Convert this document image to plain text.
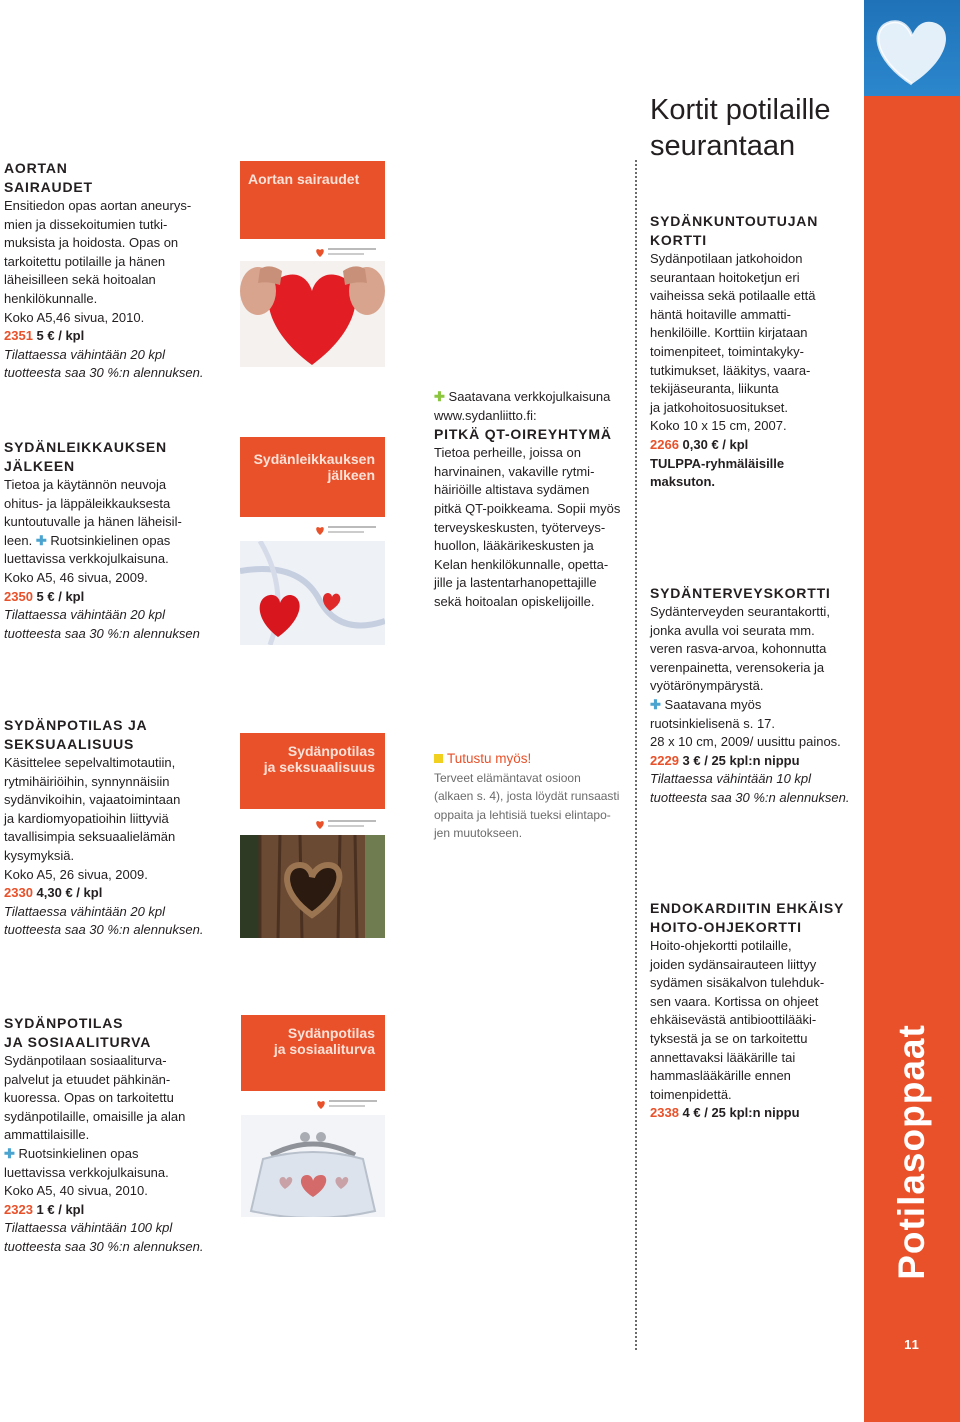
AORTAN
SAIRAUDET

Ensitiedon opas aortan aneurys-
mien ja dissekoitumien tutki-
muksista ja hoidosta. Opas on
tarkoitettu potilaille ja hänen
läheisilleen sekä hoitoalan
henkilökunnalle.
Koko A5,46 sivua, 2010.

2351 5 € / kpl

Tilattaessa vähintään 20 kpl
tuotteesta saa 30 %:n alennuksen.

SYDÄNLEIKKAUKSEN
JÄLKEEN

Tietoa ja käytännön neuvoja
ohitus- ja läppäleikkauksesta
kuntoutuvalle ja hänen läheisil-
leen. ✚ Ruotsinkielinen opas
luettavissa verkkojulkaisuna.
Koko A5, 46 sivua, 2009.

2350 5 € / kpl

Tilattaessa vähintään 20 kpl
tuotteesta saa 30 %:n alennuksen

SYDÄNPOTILAS JA
SEKSUAALISUUS

Käsittelee sepelvaltimotautiin,
rytmihäiriöihin, synnynnäisiin
sydänvikoihin, vajaatoimintaan
ja kardiomyopatioihin liittyviä
tavallisimpia seksuaalielämän
kysymyksiä.
Koko A5, 26 sivua, 2009.

2330 4,30 € / kpl

Tilattaessa vähintään 20 kpl
tuotteesta saa 30 %:n alennuksen.

SYDÄNPOTILAS
JA SOSIAALITURVA

Sydänpotilaan sosiaaliturva-
palvelut ja etuudet pähkinän-
kuoressa. Opas on tarkoitettu
sydänpotilaille, omaisille ja alan
ammattilaisille.
✚ Ruotsinkielinen opas
luettavissa verkkojulkaisuna.
Koko A5, 40 sivua, 2010.

2323 1 € / kpl

Tilattaessa vähintään 100 kpl
tuotteesta saa 30 %:n alennuksen.

Aortan sairaudet
Sydänleikkauksen
jälkeen
Sydänpotilas
ja seksuaalisuus
Sydänpotilas
ja sosiaaliturva

✚ Saatavana verkkojulkaisuna

www.sydanliitto.fi:

PITKÄ QT-OIREYHTYMÄ

Tietoa perheille, joissa on
harvinainen, vakaville rytmi-
häiriöille altistava sydämen
pitkä QT-poikkeama. Sopii myös
terveyskeskusten, työterveys-
huollon, lääkärikeskusten ja
Kelan henkilökunnalle, opetta-
jille ja lastentarhanopettajille
sekä hoitoalan opiskelijoille.

Tutustu myös!

Terveet elämäntavat osioon
(alkaen s. 4), josta löydät runsaasti
oppaita ja lehtisiä tueksi elintapo-
jen muutokseen.

Kortit potilaille
seurantaan

SYDÄNKUNTOUTUJAN
KORTTI

Sydänpotilaan jatkohoidon
seurantaan hoitoketjun eri
vaiheissa sekä potilaalle että
häntä hoitaville ammatti-
henkilöille. Korttiin kirjataan
toimenpiteet, toimintakyky-
tutkimukset, lääkitys, vaara-
tekijäseuranta, liikunta
ja jatkohoitosuositukset.
Koko 10 x 15 cm, 2007.

2266 0,30 € / kpl

TULPPA-ryhmäläisille
maksuton.

SYDÄNTERVEYSKORTTI

Sydänterveyden seurantakortti,
jonka avulla voi seurata mm.
veren rasva-arvoa, kohonnutta
verenpainetta, verensokeria ja
vyötärönympärystä.
✚ Saatavana myös
ruotsinkielisenä s. 17.
28 x 10 cm, 2009/ uusittu painos.

2229 3 € / 25 kpl:n nippu

Tilattaessa vähintään 10 kpl
tuotteesta saa 30 %:n alennuksen.

ENDOKARDIITIN EHKÄISY
HOITO-OHJEKORTTI

Hoito-ohjekortti potilaille,
joiden sydänsairauteen liittyy
sydämen sisäkalvon tulehduk-
sen vaara. Kortissa on ohjeet
ehkäisevästä antibioottilääki-
tyksestä ja se on tarkoitettu
annettavaksi lääkärille tai
hammaslääkärille ennen
toimenpidettä.

2338 4 € / 25 kpl:n nippu	Potilasoppaat
11
